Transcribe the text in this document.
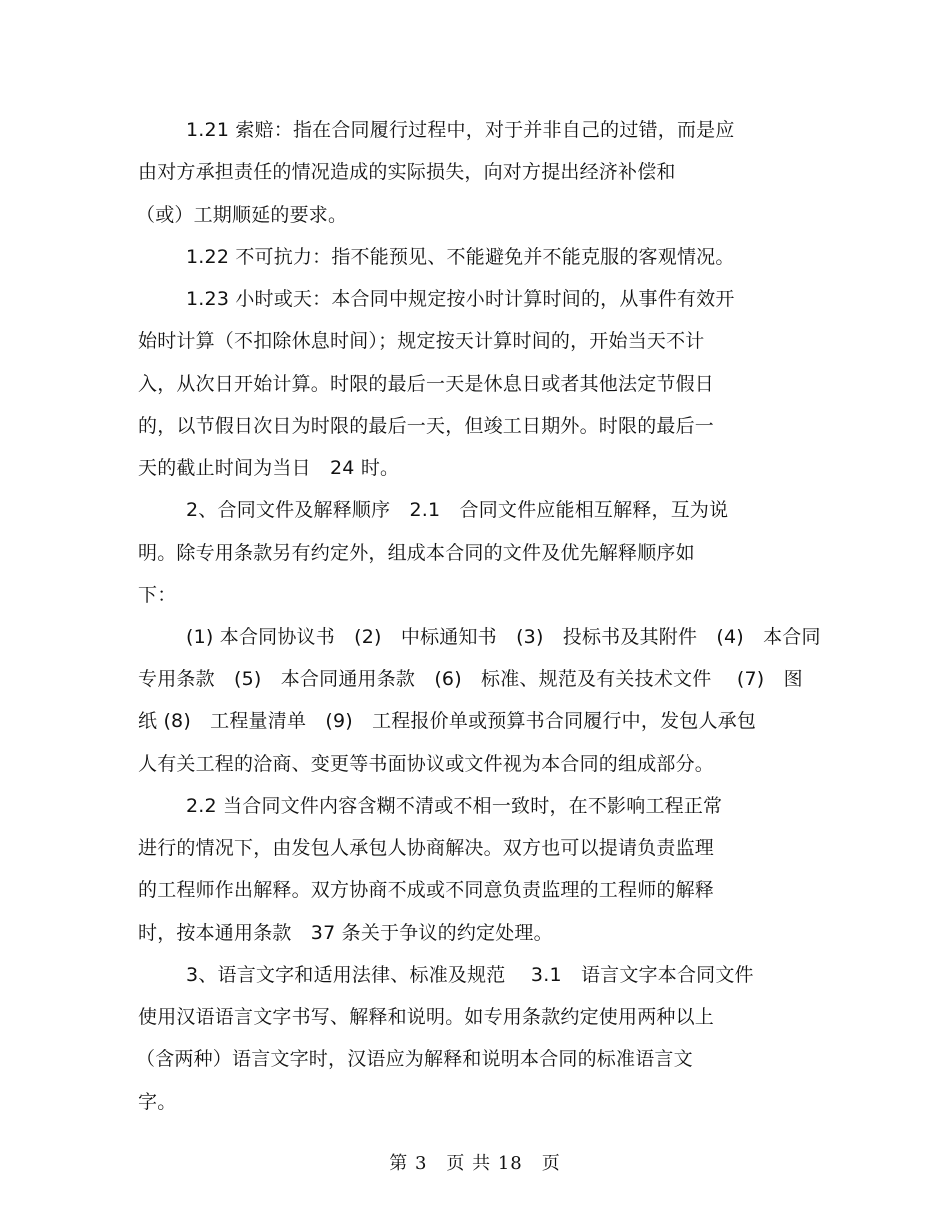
1.21 索赔：指在合同履行过程中，对于并非自己的过错，而是应
由对方承担责任的情况造成的实际损失，向对方提出经济补偿和
（或）工期顺延的要求。
1.22 不可抗力：指不能预见、不能避免并不能克服的客观情况。
1.23 小时或天：本合同中规定按小时计算时间的，从事件有效开
始时计算（不扣除休息时间）；规定按天计算时间的，开始当天不计
入，从次日开始计算。时限的最后一天是休息日或者其他法定节假日
的，以节假日次日为时限的最后一天，但竣工日期外。时限的最后一
天的截止时间为当日　24 时。
2、合同文件及解释顺序　2.1　合同文件应能相互解释，互为说
明。除专用条款另有约定外，组成本合同的文件及优先解释顺序如
下：
(1) 本合同协议书　(2)　中标通知书　(3)　投标书及其附件　(4)　本合同
专用条款　(5)　本合同通用条款　(6)　标准、规范及有关技术文件　 (7)　图
纸 (8)　工程量清单　(9)　工程报价单或预算书合同履行中，发包人承包
人有关工程的洽商、变更等书面协议或文件视为本合同的组成部分。
2.2 当合同文件内容含糊不清或不相一致时，在不影响工程正常
进行的情况下，由发包人承包人协商解决。双方也可以提请负责监理
的工程师作出解释。双方协商不成或不同意负责监理的工程师的解释
时，按本通用条款　37 条关于争议的约定处理。
3、语言文字和适用法律、标准及规范　 3.1　语言文字本合同文件
使用汉语语言文字书写、解释和说明。如专用条款约定使用两种以上
（含两种）语言文字时，汉语应为解释和说明本合同的标准语言文
字。
第 3　页 共 18　页
